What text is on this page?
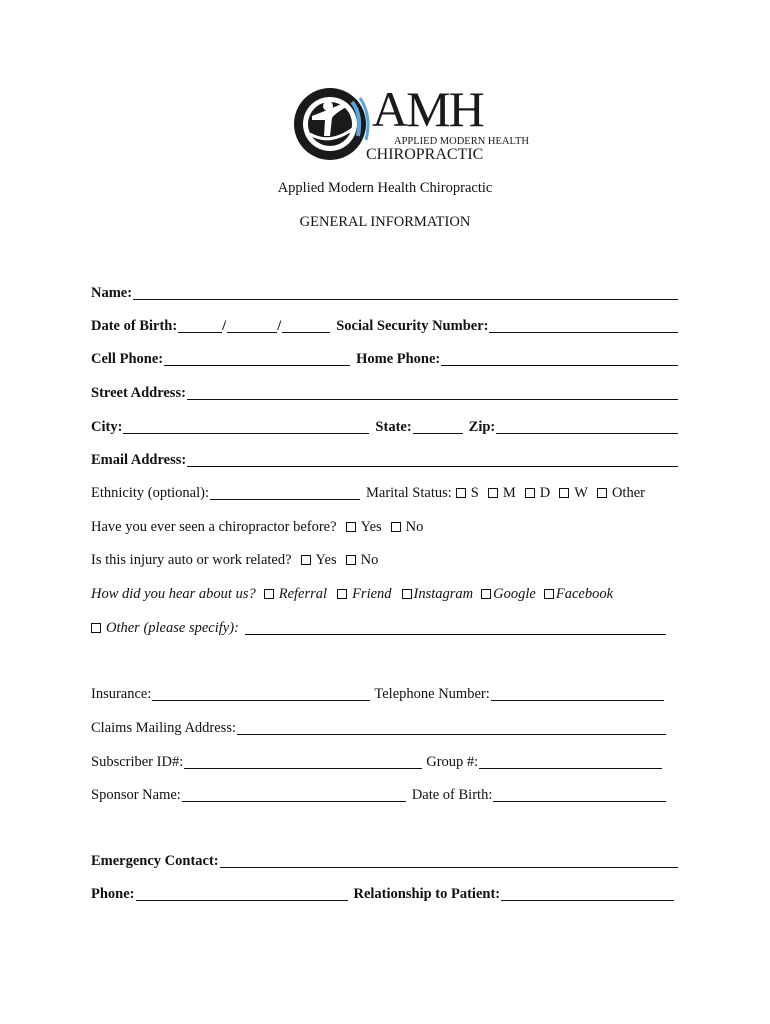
AMH
APPLIED MODERN HEALTH
CHIROPRACTIC
Applied Modern Health Chiropractic
GENERAL INFORMATION
Name:
Date of Birth:	/	/	Social Security Number:
Cell Phone:	Home Phone:
Street Address:
City:	State:	Zip:
Email Address:
Ethnicity (optional):	Marital Status: S M D W Other
Have you ever seen a chiropractor before? Yes No
Is this injury auto or work related? Yes No
How did you hear about us? Referral Friend Instagram Google Facebook
Other (please specify):
Insurance:	Telephone Number:
Claims Mailing Address:
Subscriber ID#:	Group #:
Sponsor Name:	Date of Birth:
Emergency Contact:
Phone:	Relationship to Patient:
